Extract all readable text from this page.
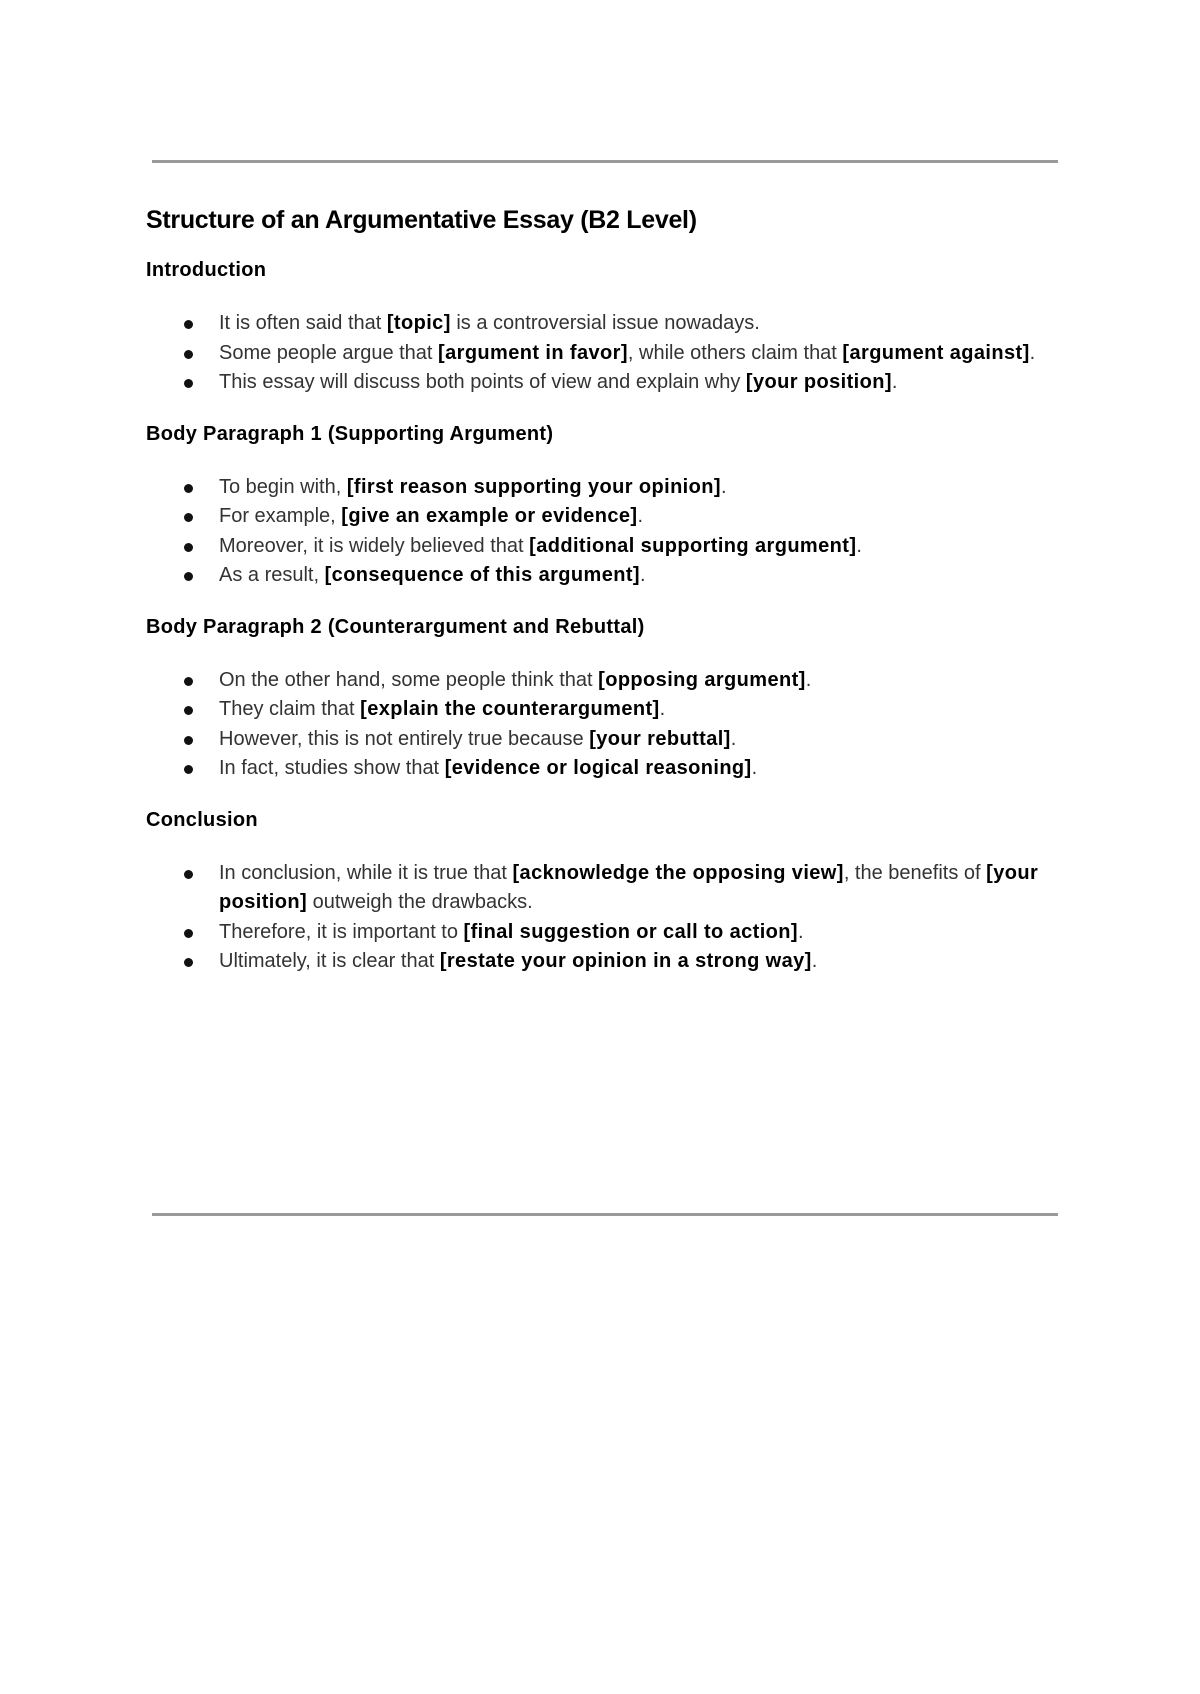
Structure of an Argumentative Essay (B2 Level)
Introduction
It is often said that [topic] is a controversial issue nowadays.
Some people argue that [argument in favor], while others claim that [argument against].
This essay will discuss both points of view and explain why [your position].
Body Paragraph 1 (Supporting Argument)
To begin with, [first reason supporting your opinion].
For example, [give an example or evidence].
Moreover, it is widely believed that [additional supporting argument].
As a result, [consequence of this argument].
Body Paragraph 2 (Counterargument and Rebuttal)
On the other hand, some people think that [opposing argument].
They claim that [explain the counterargument].
However, this is not entirely true because [your rebuttal].
In fact, studies show that [evidence or logical reasoning].
Conclusion
In conclusion, while it is true that [acknowledge the opposing view], the benefits of [your position] outweigh the drawbacks.
Therefore, it is important to [final suggestion or call to action].
Ultimately, it is clear that [restate your opinion in a strong way].
